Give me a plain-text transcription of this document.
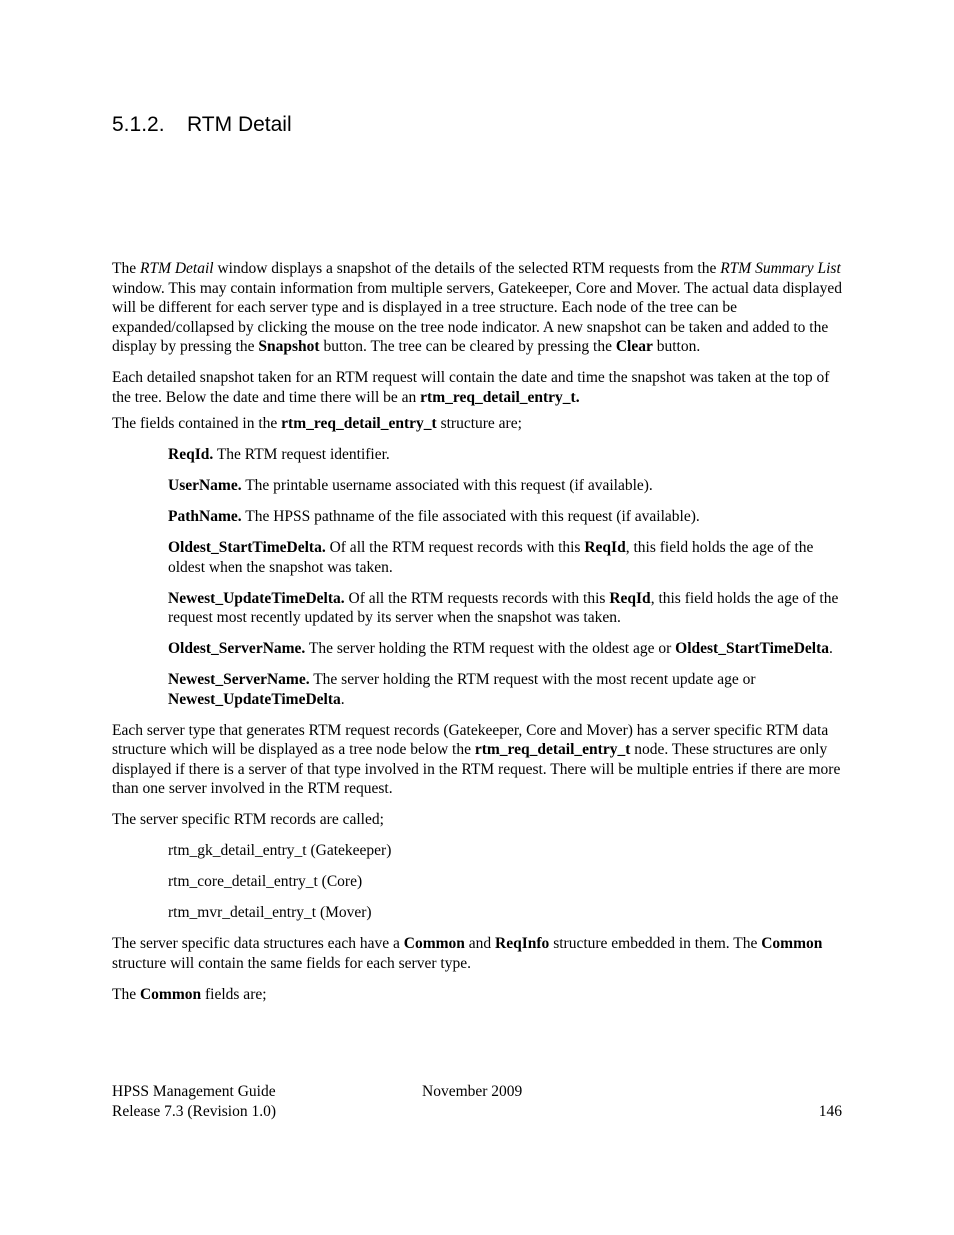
5.1.2. RTM Detail

The RTM Detail window displays a snapshot of the details of the selected RTM requests from the RTM Summary List window. This may contain information from multiple servers, Gatekeeper, Core and Mover. The actual data displayed will be different for each server type and is displayed in a tree structure. Each node of the tree can be expanded/collapsed by clicking the mouse on the tree node indicator. A new snapshot can be taken and added to the display by pressing the Snapshot button. The tree can be cleared by pressing the Clear button.

Each detailed snapshot taken for an RTM request will contain the date and time the snapshot was taken at the top of the tree. Below the date and time there will be an rtm_req_detail_entry_t.

The fields contained in the rtm_req_detail_entry_t structure are;

ReqId. The RTM request identifier.

UserName. The printable username associated with this request (if available).

PathName. The HPSS pathname of the file associated with this request (if available).

Oldest_StartTimeDelta. Of all the RTM request records with this ReqId, this field holds the age of the oldest when the snapshot was taken.

Newest_UpdateTimeDelta. Of all the RTM requests records with this ReqId, this field holds the age of the request most recently updated by its server when the snapshot was taken.

Oldest_ServerName. The server holding the RTM request with the oldest age or Oldest_StartTimeDelta.

Newest_ServerName. The server holding the RTM request with the most recent update age or Newest_UpdateTimeDelta.

Each server type that generates RTM request records (Gatekeeper, Core and Mover) has a server specific RTM data structure which will be displayed as a tree node below the rtm_req_detail_entry_t node. These structures are only displayed if there is a server of that type involved in the RTM request. There will be multiple entries if there are more than one server involved in the RTM request.

The server specific RTM records are called;

rtm_gk_detail_entry_t (Gatekeeper)

rtm_core_detail_entry_t (Core)

rtm_mvr_detail_entry_t (Mover)

The server specific data structures each have a Common and ReqInfo structure embedded in them. The Common structure will contain the same fields for each server type.

The Common fields are;

HPSS Management Guide	November 2009
Release 7.3 (Revision 1.0)	146
